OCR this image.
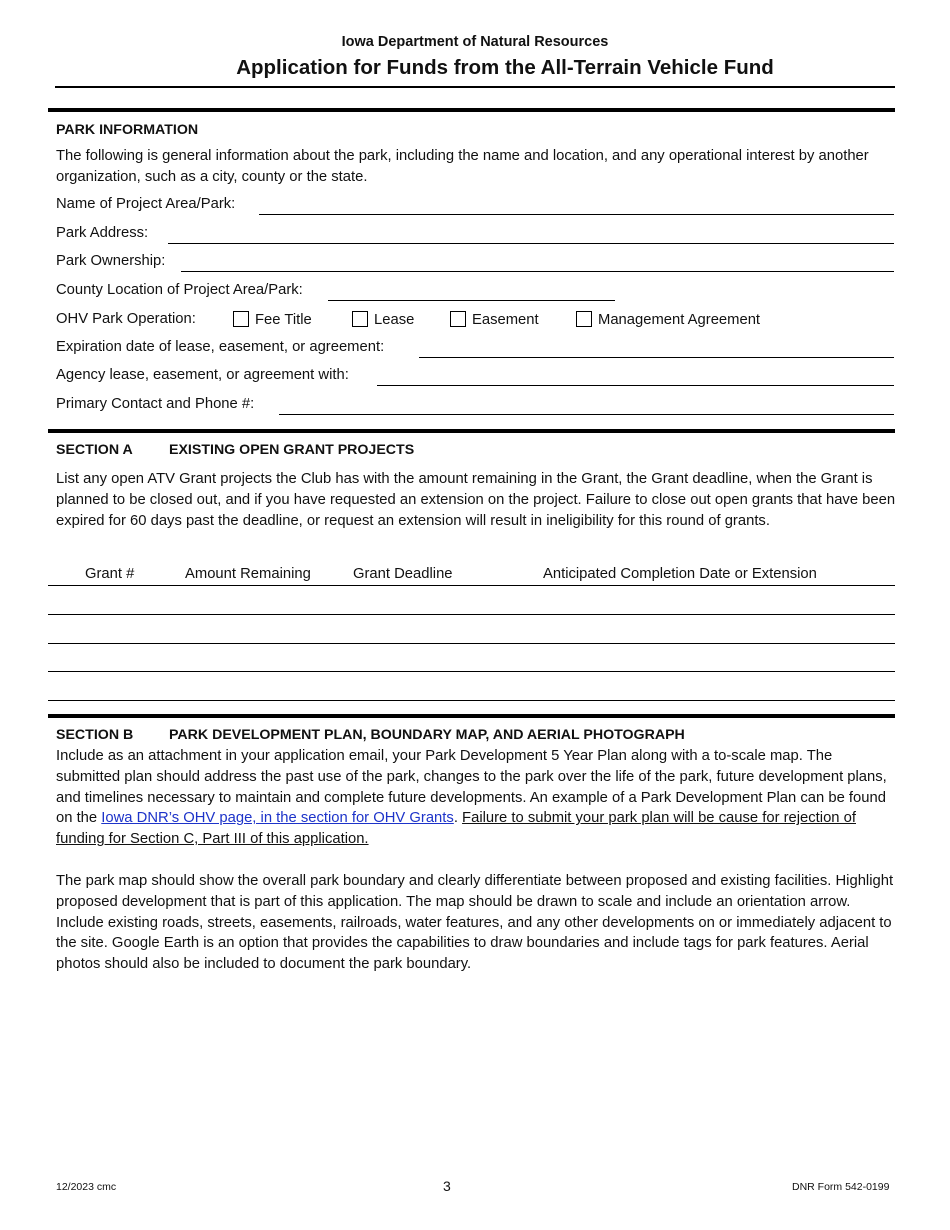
Iowa Department of Natural Resources
Application for Funds from the All-Terrain Vehicle Fund
PARK INFORMATION
The following is general information about the park, including the name and location, and any operational interest by another organization, such as a city, county or the state.
Name of Project Area/Park:
Park Address:
Park Ownership:
County Location of Project Area/Park:
OHV Park Operation:	Fee Title	Lease	Easement	Management Agreement
Expiration date of lease, easement, or agreement:
Agency lease, easement, or agreement with:
Primary Contact and Phone #:
SECTION A	EXISTING OPEN GRANT PROJECTS
List any open ATV Grant projects the Club has with the amount remaining in the Grant, the Grant deadline, when the Grant is planned to be closed out, and if you have requested an extension on the project. Failure to close out open grants that have been expired for 60 days past the deadline, or request an extension will result in ineligibility for this round of grants.
Grant #	Amount Remaining	Grant Deadline	Anticipated Completion Date or Extension
SECTION B	PARK DEVELOPMENT PLAN, BOUNDARY MAP, AND AERIAL PHOTOGRAPH
Include as an attachment in your application email, your Park Development 5 Year Plan along with a to-scale map. The submitted plan should address the past use of the park, changes to the park over the life of the park, future development plans, and timelines necessary to maintain and complete future developments. An example of a Park Development Plan can be found on the Iowa DNR’s OHV page, in the section for OHV Grants. Failure to submit your park plan will be cause for rejection of funding for Section C, Part III of this application.
The park map should show the overall park boundary and clearly differentiate between proposed and existing facilities. Highlight proposed development that is part of this application. The map should be drawn to scale and include an orientation arrow. Include existing roads, streets, easements, railroads, water features, and any other developments on or immediately adjacent to the site. Google Earth is an option that provides the capabilities to draw boundaries and include tags for park features. Aerial photos should also be included to document the park boundary.
12/2023 cmc	3	DNR Form 542-0199
